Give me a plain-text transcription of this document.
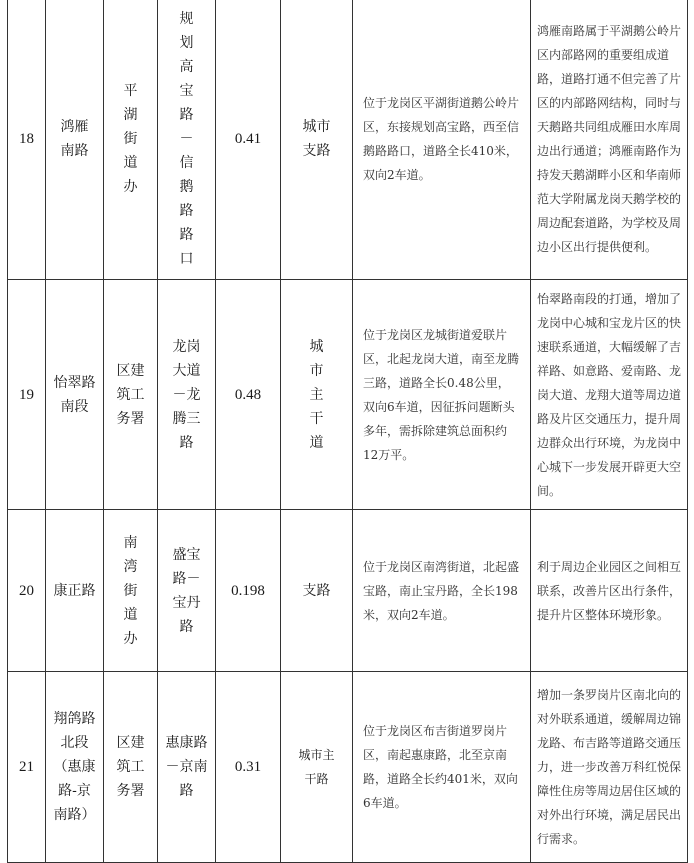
18	鸿雁南路	平湖街道办	规划高宝路－信鹅路路口	0.41	城市支路	位于龙岗区平湖街道鹅公岭片区，东接规划高宝路，西至信鹅路路口，道路全长410米，双向2车道。	鸿雁南路属于平湖鹅公岭片区内部路网的重要组成道路，道路打通不但完善了片区的内部路网结构，同时与天鹅路共同组成雁田水库周边出行通道；鸿雁南路作为持发天鹅湖畔小区和华南师范大学附属龙岗天鹅学校的周边配套道路，为学校及周边小区出行提供便利。
19	怡翠路南段	区建筑工务署	龙岗大道－龙腾三路	0.48	城市主干道	位于龙岗区龙城街道爱联片区，北起龙岗大道，南至龙腾三路，道路全长0.48公里，双向6车道，因征拆问题断头多年，需拆除建筑总面积约12万平。	怡翠路南段的打通，增加了龙岗中心城和宝龙片区的快速联系通道，大幅缓解了吉祥路、如意路、爱南路、龙岗大道、龙翔大道等周边道路及片区交通压力，提升周边群众出行环境，为龙岗中心城下一步发展开辟更大空间。
20	康正路	南湾街道办	盛宝路－宝丹路	0.198	支路	位于龙岗区南湾街道，北起盛宝路，南止宝丹路，全长198米，双向2车道。	利于周边企业园区之间相互联系，改善片区出行条件，提升片区整体环境形象。
21	翔鸽路北段（惠康路-京南路）	区建筑工务署	惠康路－京南路	0.31	城市主干路	位于龙岗区布吉街道罗岗片区，南起惠康路，北至京南路，道路全长约401米，双向6车道。	增加一条罗岗片区南北向的对外联系通道，缓解周边锦龙路、布吉路等道路交通压力，进一步改善万科红悦保障性住房等周边居住区域的对外出行环境，满足居民出行需求。
